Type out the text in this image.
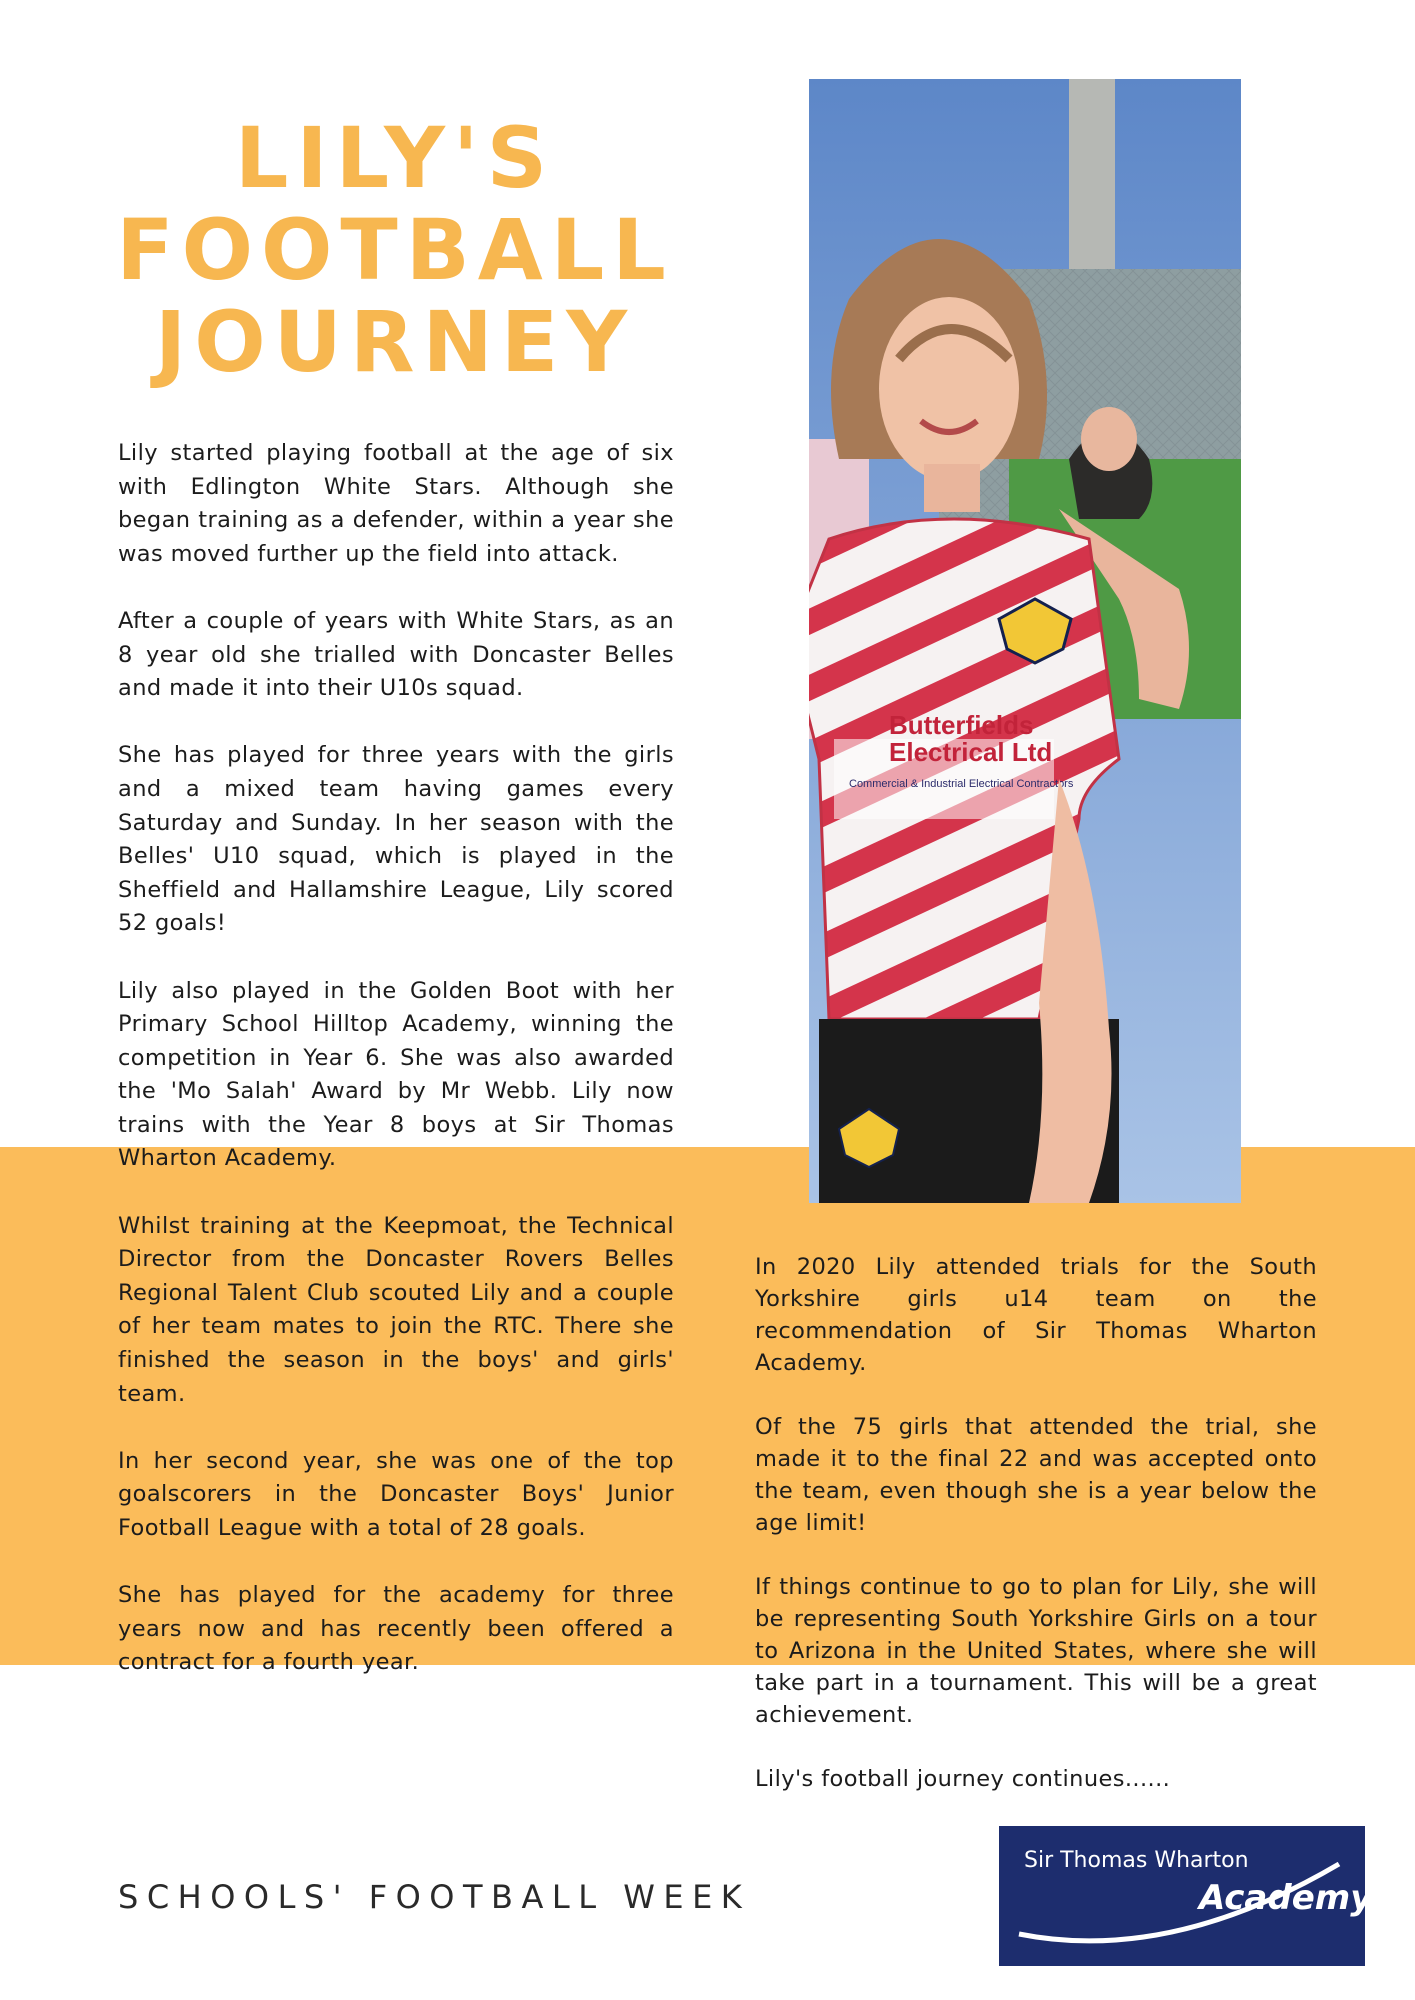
LILY'S
FOOTBALL
JOURNEY

Lily started playing football at the age of six with Edlington White Stars. Although she began training as a defender, within a year she was moved further up the field into attack.

After a couple of years with White Stars, as an 8 year old she trialled with Doncaster Belles and made it into their U10s squad.

She has played for three years with the girls and a mixed team having games every Saturday and Sunday. In her season with the Belles' U10 squad, which is played in the Sheffield and Hallamshire League, Lily scored 52 goals!

Lily also played in the Golden Boot with her Primary School Hilltop Academy, winning the competition in Year 6. She was also awarded the 'Mo Salah' Award by Mr Webb. Lily now trains with the Year 8 boys at Sir Thomas Wharton Academy.

Whilst training at the Keepmoat, the Technical Director from the Doncaster Rovers Belles Regional Talent Club scouted Lily and a couple of her team mates to join the RTC. There she finished the season in the boys' and girls' team.

In her second year, she was one of the top goalscorers in the Doncaster Boys' Junior Football League with a total of 28 goals.

She has played for the academy for three years now and has recently been offered a contract for a fourth year.

In 2020 Lily attended trials for the South Yorkshire girls u14 team on the recommendation of Sir Thomas Wharton Academy.

Of the 75 girls that attended the trial, she made it to the final 22 and was accepted onto the team, even though she is a year below the age limit!

If things continue to go to plan for Lily, she will be representing South Yorkshire Girls on a tour to Arizona in the United States, where she will take part in a tournament. This will be a great achievement.

Lily's football journey continues......

Butterfields
Electrical Ltd
Commercial & Industrial Electrical Contractors
SCHOOLS' FOOTBALL WEEK
Sir Thomas Wharton
Academy
